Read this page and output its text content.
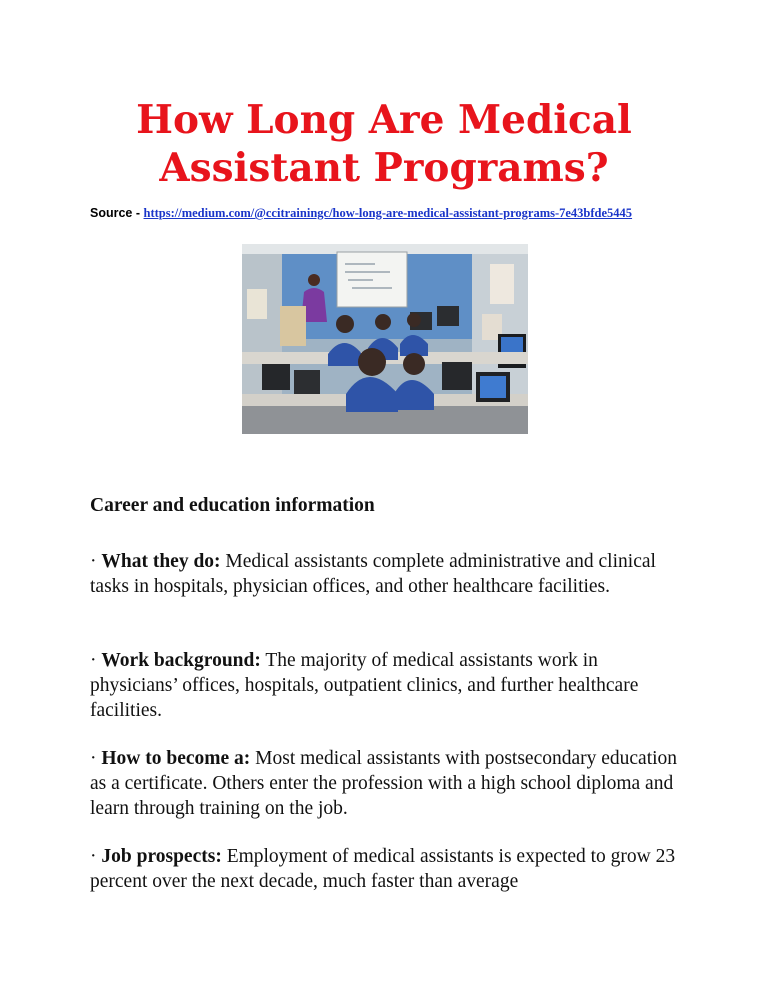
How Long Are Medical Assistant Programs?
Source - https://medium.com/@ccitrainingc/how-long-are-medical-assistant-programs-7e43bfde5445
Career and education information

· What they do: Medical assistants complete administrative and clinical tasks in hospitals, physician offices, and other healthcare facilities.

· Work background: The majority of medical assistants work in physicians’ offices, hospitals, outpatient clinics, and further healthcare facilities.

· How to become a: Most medical assistants with postsecondary education as a certificate. Others enter the profession with a high school diploma and learn through training on the job.

· Job prospects: Employment of medical assistants is expected to grow 23 percent over the next decade, much faster than average
